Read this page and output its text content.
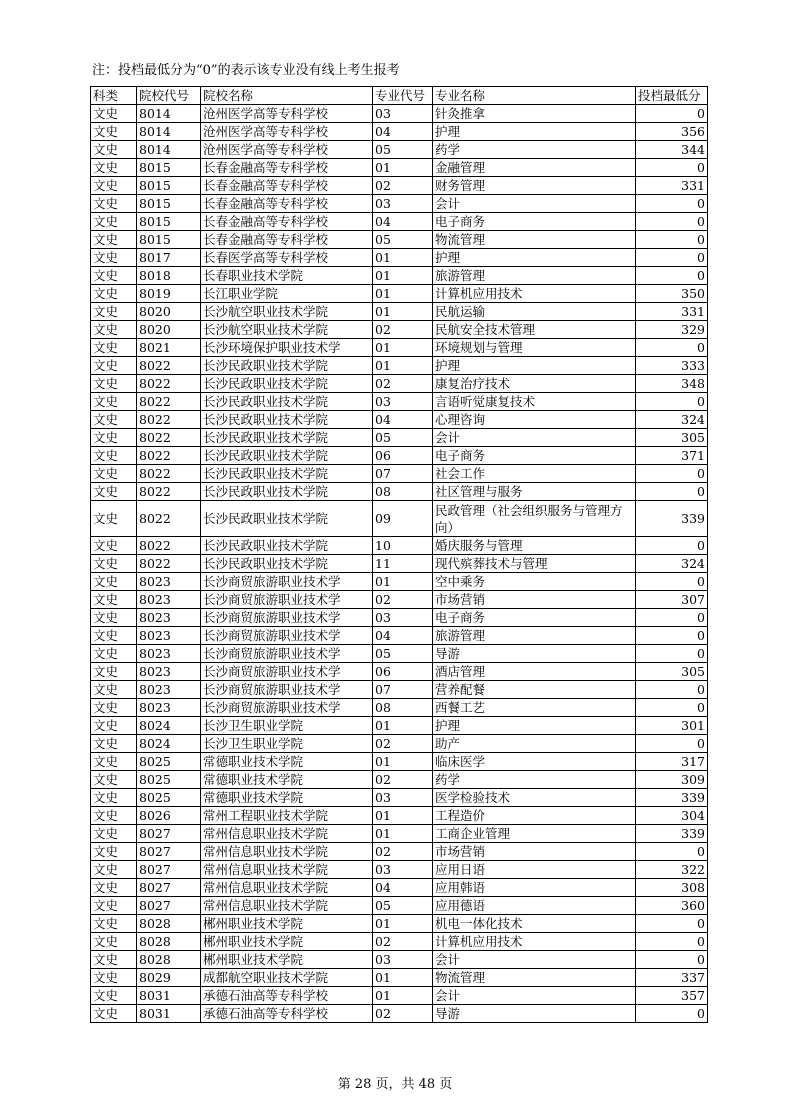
注：投档最低分为“0”的表示该专业没有线上考生报考
科类	院校代号	院校名称	专业代号	专业名称	投档最低分
文史	8014	沧州医学高等专科学校	03	针灸推拿	0
文史	8014	沧州医学高等专科学校	04	护理	356
文史	8014	沧州医学高等专科学校	05	药学	344
文史	8015	长春金融高等专科学校	01	金融管理	0
文史	8015	长春金融高等专科学校	02	财务管理	331
文史	8015	长春金融高等专科学校	03	会计	0
文史	8015	长春金融高等专科学校	04	电子商务	0
文史	8015	长春金融高等专科学校	05	物流管理	0
文史	8017	长春医学高等专科学校	01	护理	0
文史	8018	长春职业技术学院	01	旅游管理	0
文史	8019	长江职业学院	01	计算机应用技术	350
文史	8020	长沙航空职业技术学院	01	民航运输	331
文史	8020	长沙航空职业技术学院	02	民航安全技术管理	329
文史	8021	长沙环境保护职业技术学	01	环境规划与管理	0
文史	8022	长沙民政职业技术学院	01	护理	333
文史	8022	长沙民政职业技术学院	02	康复治疗技术	348
文史	8022	长沙民政职业技术学院	03	言语听觉康复技术	0
文史	8022	长沙民政职业技术学院	04	心理咨询	324
文史	8022	长沙民政职业技术学院	05	会计	305
文史	8022	长沙民政职业技术学院	06	电子商务	371
文史	8022	长沙民政职业技术学院	07	社会工作	0
文史	8022	长沙民政职业技术学院	08	社区管理与服务	0
文史	8022	长沙民政职业技术学院	09	民政管理（社会组织服务与管理方向）	339
文史	8022	长沙民政职业技术学院	10	婚庆服务与管理	0
文史	8022	长沙民政职业技术学院	11	现代殡葬技术与管理	324
文史	8023	长沙商贸旅游职业技术学	01	空中乘务	0
文史	8023	长沙商贸旅游职业技术学	02	市场营销	307
文史	8023	长沙商贸旅游职业技术学	03	电子商务	0
文史	8023	长沙商贸旅游职业技术学	04	旅游管理	0
文史	8023	长沙商贸旅游职业技术学	05	导游	0
文史	8023	长沙商贸旅游职业技术学	06	酒店管理	305
文史	8023	长沙商贸旅游职业技术学	07	营养配餐	0
文史	8023	长沙商贸旅游职业技术学	08	西餐工艺	0
文史	8024	长沙卫生职业学院	01	护理	301
文史	8024	长沙卫生职业学院	02	助产	0
文史	8025	常德职业技术学院	01	临床医学	317
文史	8025	常德职业技术学院	02	药学	309
文史	8025	常德职业技术学院	03	医学检验技术	339
文史	8026	常州工程职业技术学院	01	工程造价	304
文史	8027	常州信息职业技术学院	01	工商企业管理	339
文史	8027	常州信息职业技术学院	02	市场营销	0
文史	8027	常州信息职业技术学院	03	应用日语	322
文史	8027	常州信息职业技术学院	04	应用韩语	308
文史	8027	常州信息职业技术学院	05	应用德语	360
文史	8028	郴州职业技术学院	01	机电一体化技术	0
文史	8028	郴州职业技术学院	02	计算机应用技术	0
文史	8028	郴州职业技术学院	03	会计	0
文史	8029	成都航空职业技术学院	01	物流管理	337
文史	8031	承德石油高等专科学校	01	会计	357
文史	8031	承德石油高等专科学校	02	导游	0
第 28 页，共 48 页
